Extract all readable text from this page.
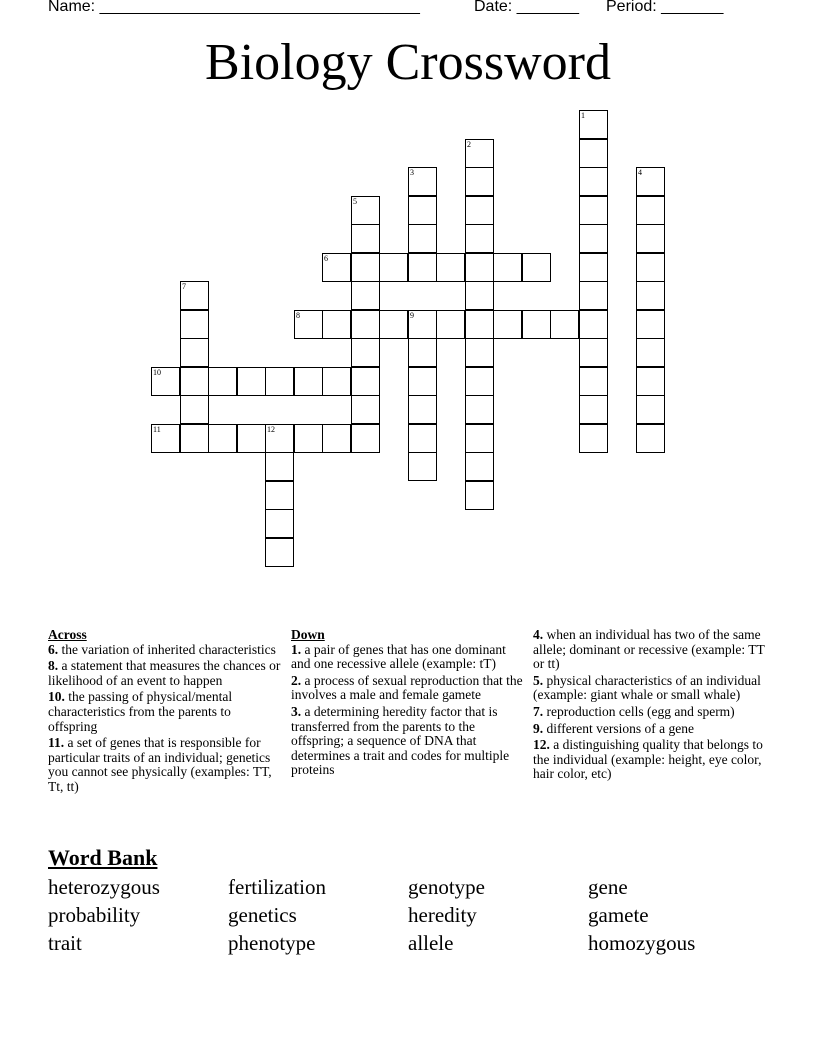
Name: ____________________________________	Date: _______ Period: _______
Biology Crossword
1
2
3	4
5
6
7
8	9
10
11	12
Across
6. the variation of inherited characteristics
8. a statement that measures the chances or likelihood of an event to happen
10. the passing of physical/mental characteristics from the parents to offspring
11. a set of genes that is responsible for particular traits of an individual; genetics you cannot see physically (examples: TT, Tt, tt)
Down
1. a pair of genes that has one dominant and one recessive allele (example: tT)
2. a process of sexual reproduction that the involves a male and female gamete
3. a determining heredity factor that is transferred from the parents to the offspring; a sequence of DNA that determines a trait and codes for multiple proteins
4. when an individual has two of the same allele; dominant or recessive (example: TT or tt)
5. physical characteristics of an individual (example: giant whale or small whale)
7. reproduction cells (egg and sperm)
9. different versions of a gene
12. a distinguishing quality that belongs to the individual (example: height, eye color, hair color, etc)
Word Bank
heterozygous	fertilization	genotype	gene
probability	genetics	heredity	gamete
trait	phenotype	allele	homozygous
